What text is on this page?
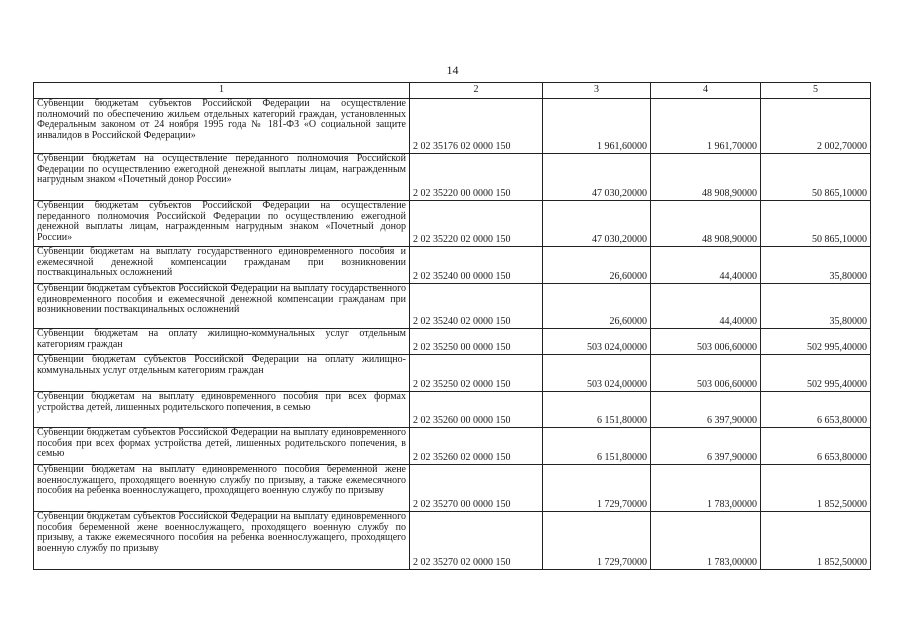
14
1	2	3	4	5
Субвенции бюджетам субъектов Российской Федерации на осуществление полномочий по обеспечению жильем отдельных категорий граждан, установленных Федеральным законом от 24 ноября 1995 года № 181-ФЗ «О социальной защите инвалидов в Российской Федерации»	2 02 35176 02 0000 150	1 961,60000	1 961,70000	2 002,70000
Субвенции бюджетам на осуществление переданного полномочия Российской Федерации по осуществлению ежегодной денежной выплаты лицам, награжденным нагрудным знаком «Почетный донор России»	2 02 35220 00 0000 150	47 030,20000	48 908,90000	50 865,10000
Субвенции бюджетам субъектов Российской Федерации на осуществление переданного полномочия Российской Федерации по осуществлению ежегодной денежной выплаты лицам, награжденным нагрудным знаком «Почетный донор России»	2 02 35220 02 0000 150	47 030,20000	48 908,90000	50 865,10000
Субвенции бюджетам на выплату государственного единовременного пособия и ежемесячной денежной компенсации гражданам при возникновении поствакцинальных осложнений	2 02 35240 00 0000 150	26,60000	44,40000	35,80000
Субвенции бюджетам субъектов Российской Федерации на выплату государственного единовременного пособия и ежемесячной денежной компенсации гражданам при возникновении поствакцинальных осложнений	2 02 35240 02 0000 150	26,60000	44,40000	35,80000
Субвенции бюджетам на оплату жилищно-коммунальных услуг отдельным категориям граждан	2 02 35250 00 0000 150	503 024,00000	503 006,60000	502 995,40000
Субвенции бюджетам субъектов Российской Федерации на оплату жилищно-коммунальных услуг отдельным категориям граждан	2 02 35250 02 0000 150	503 024,00000	503 006,60000	502 995,40000
Субвенции бюджетам на выплату единовременного пособия при всех формах устройства детей, лишенных родительского попечения, в семью	2 02 35260 00 0000 150	6 151,80000	6 397,90000	6 653,80000
Субвенции бюджетам субъектов Российской Федерации на выплату единовременного пособия при всех формах устройства детей, лишенных родительского попечения, в семью	2 02 35260 02 0000 150	6 151,80000	6 397,90000	6 653,80000
Субвенции бюджетам на выплату единовременного пособия беременной жене военнослужащего, проходящего военную службу по призыву, а также ежемесячного пособия на ребенка военнослужащего, проходящего военную службу по призыву	2 02 35270 00 0000 150	1 729,70000	1 783,00000	1 852,50000
Субвенции бюджетам субъектов Российской Федерации на выплату единовременного пособия беременной жене военнослужащего, проходящего военную службу по призыву, а также ежемесячного пособия на ребенка военнослужащего, проходящего военную службу по призыву	2 02 35270 02 0000 150	1 729,70000	1 783,00000	1 852,50000
